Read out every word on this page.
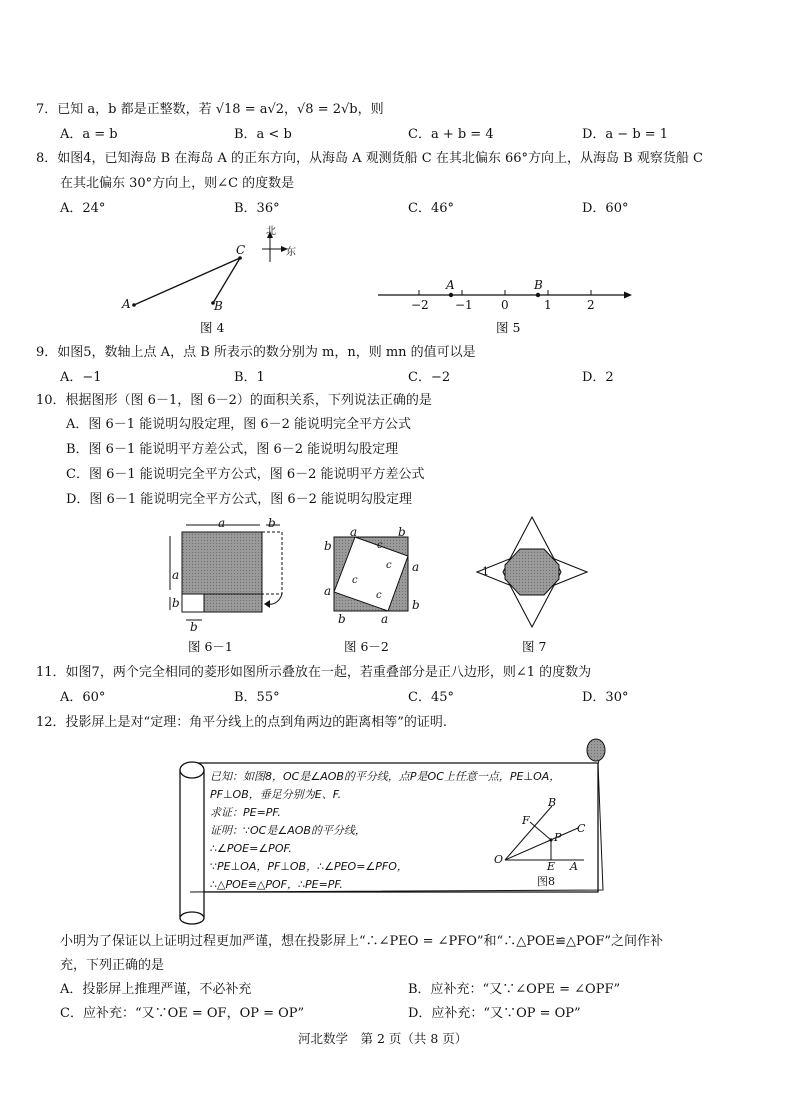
7．已知 a，b 都是正整数，若 √18 = a√2，√8 = 2√b，则
A．a = b	B．a < b	C．a + b = 4	D．a − b = 1
8．如图4，已知海岛 B 在海岛 A 的正东方向，从海岛 A 观测货船 C 在其北偏东 66°方向上，从海岛 B 观察货船 C
在其北偏东 30°方向上，则∠C 的度数是
A．24°	B．36°	C．46°	D．60°
A	B
C
北
东
图 4
−2 −1 0	1	2
A	B
图 5
9．如图5，数轴上点 A，点 B 所表示的数分别为 m，n，则 mn 的值可以是
A．−1	B．1	C．−2	D．2
10．根据图形（图 6－1，图 6－2）的面积关系，下列说法正确的是
A．图 6－1 能说明勾股定理，图 6－2 能说明完全平方公式
B．图 6－1 能说明平方差公式，图 6－2 能说明勾股定理
C．图 6－1 能说明完全平方公式，图 6－2 能说明平方差公式
D．图 6－1 能说明完全平方公式，图 6－2 能说明勾股定理
a	b
a
b
b
图 6－1
a	b
b
a
a
b
b	a
c
c
c
c
图 6－2
1
图 7
11．如图7，两个完全相同的菱形如图所示叠放在一起，若重叠部分是正八边形，则∠1 的度数为
A．60°	B．55°	C．45°	D．30°
12．投影屏上是对“定理：角平分线上的点到角两边的距离相等”的证明.
已知：如图8，OC是∠AOB的平分线，点P是OC上任意一点，PE⊥OA，
PF⊥OB，垂足分别为E、F.
求证：PE=PF.
证明：∵OC是∠AOB的平分线，
∴∠POE=∠POF.
∵PE⊥OA，PF⊥OB，∴∠PEO=∠PFO，
∴△POE≌△POF，∴PE=PF.
O
A
B
C
E
F
P
图8
小明为了保证以上证明过程更加严谨，想在投影屏上“∴∠PEO = ∠PFO”和“∴△POE≌△POF”之间作补
充，下列正确的是
A．投影屏上推理严谨，不必补充	B．应补充：“又∵∠OPE = ∠OPF”
C．应补充：“又∵OE = OF，OP = OP”	D．应补充：“又∵OP = OP”
河北数学　第 2 页（共 8 页）
